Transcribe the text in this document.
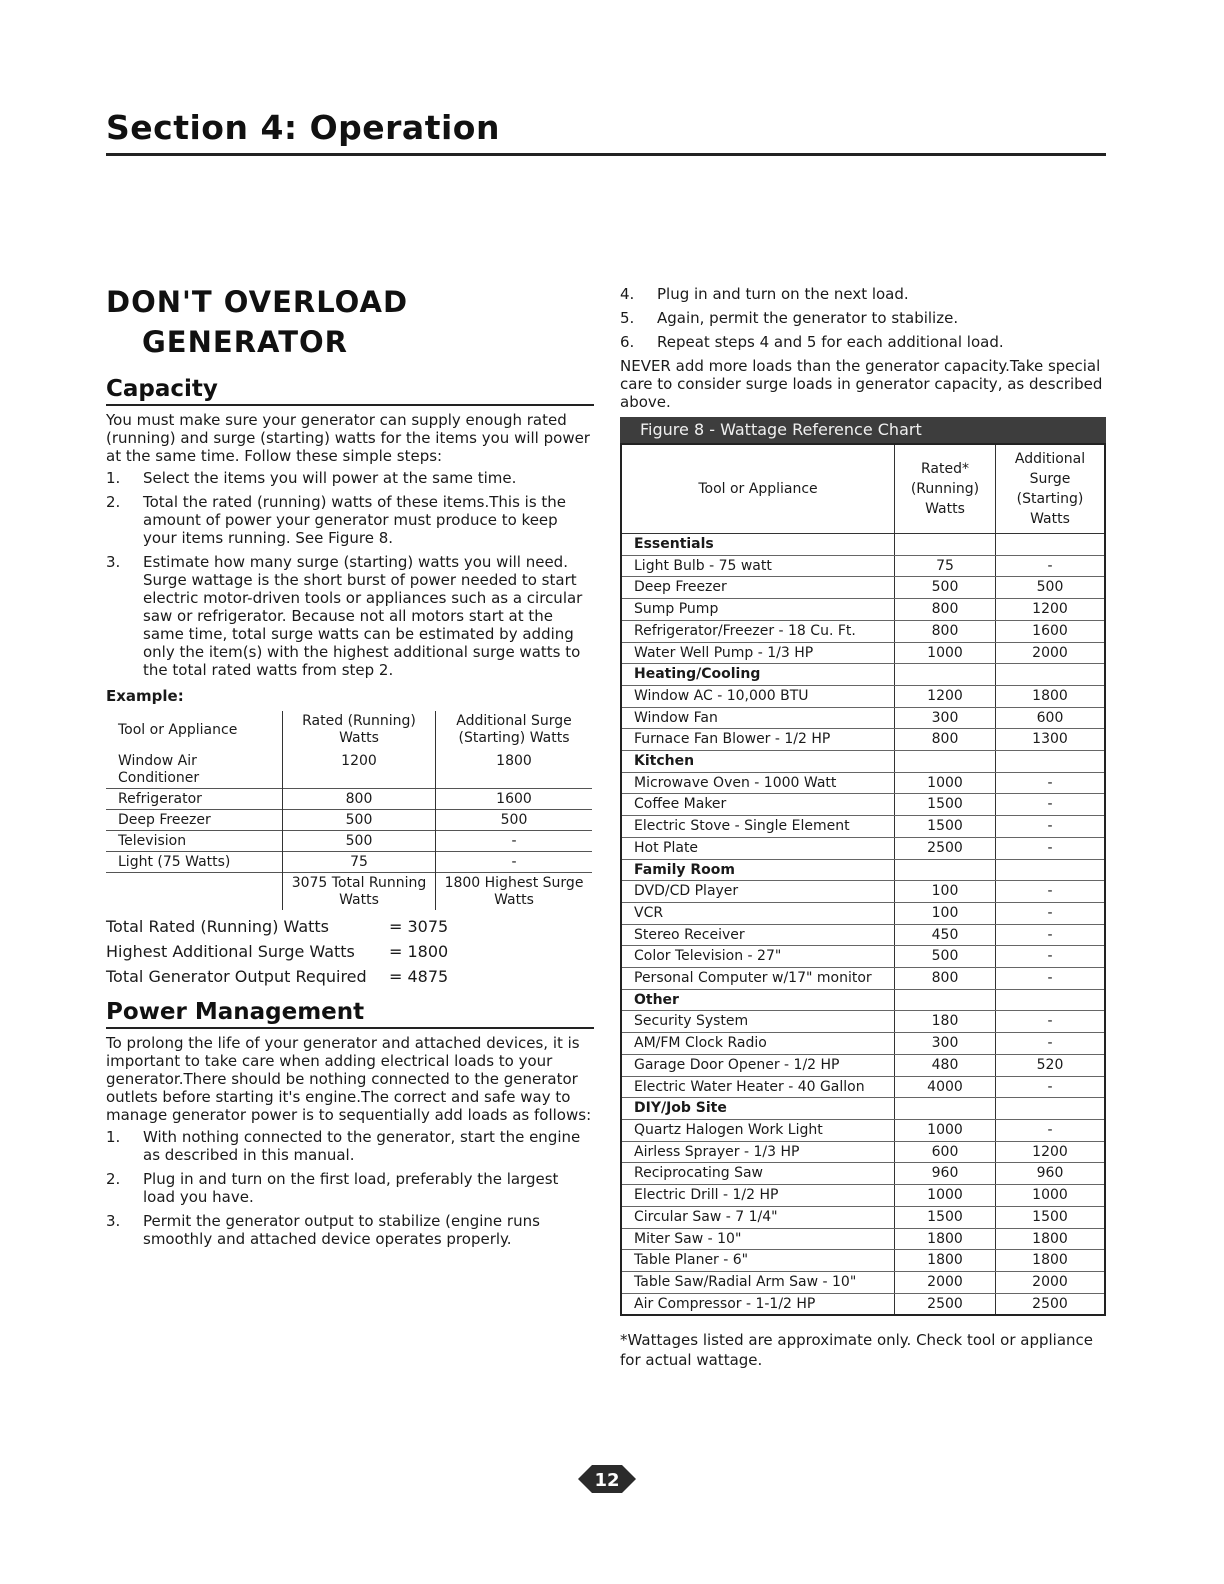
Section 4: Operation
DON'T OVERLOAD
GENERATOR
Capacity

You must make sure your generator can supply enough rated (running) and surge (starting) watts for the items you will power at the same time. Follow these simple steps:

1. Select the items you will power at the same time.
2. Total the rated (running) watts of these items.This is the amount of power your generator must produce to keep your items running. See Figure 8.
3. Estimate how many surge (starting) watts you will need. Surge wattage is the short burst of power needed to start electric motor-driven tools or appliances such as a circular saw or refrigerator. Because not all motors start at the same time, total surge watts can be estimated by adding only the item(s) with the highest additional surge watts to the total rated watts from step 2.
Example:
Tool or Appliance	Rated (Running) Watts	Additional Surge (Starting) Watts
Window Air Conditioner	1200	1800
Refrigerator	800	1600
Deep Freezer	500	500
Television	500	-
Light (75 Watts)	75	-
	3075 Total Running Watts	1800 Highest Surge Watts
Total Rated (Running) Watts	= 3075
Highest Additional Surge Watts	= 1800
Total Generator Output Required	= 4875
Power Management

To prolong the life of your generator and attached devices, it is important to take care when adding electrical loads to your generator.There should be nothing connected to the generator outlets before starting it's engine.The correct and safe way to manage generator power is to sequentially add loads as follows:

1. With nothing connected to the generator, start the engine as described in this manual.
2. Plug in and turn on the first load, preferably the largest load you have.
3. Permit the generator output to stabilize (engine runs smoothly and attached device operates properly.
4. Plug in and turn on the next load.
5. Again, permit the generator to stabilize.
6. Repeat steps 4 and 5 for each additional load.

NEVER add more loads than the generator capacity.Take special care to consider surge loads in generator capacity, as described above.

Figure 8 - Wattage Reference Chart
Tool or Appliance	Rated* (Running) Watts	Additional Surge (Starting) Watts
Essentials		
Light Bulb - 75 watt	75	-
Deep Freezer	500	500
Sump Pump	800	1200
Refrigerator/Freezer - 18 Cu. Ft.	800	1600
Water Well Pump - 1/3 HP	1000	2000
Heating/Cooling		
Window AC - 10,000 BTU	1200	1800
Window Fan	300	600
Furnace Fan Blower - 1/2 HP	800	1300
Kitchen		
Microwave Oven - 1000 Watt	1000	-
Coffee Maker	1500	-
Electric Stove - Single Element	1500	-
Hot Plate	2500	-
Family Room		
DVD/CD Player	100	-
VCR	100	-
Stereo Receiver	450	-
Color Television - 27"	500	-
Personal Computer w/17" monitor	800	-
Other		
Security System	180	-
AM/FM Clock Radio	300	-
Garage Door Opener - 1/2 HP	480	520
Electric Water Heater - 40 Gallon	4000	-
DIY/Job Site		
Quartz Halogen Work Light	1000	-
Airless Sprayer - 1/3 HP	600	1200
Reciprocating Saw	960	960
Electric Drill - 1/2 HP	1000	1000
Circular Saw - 7 1/4"	1500	1500
Miter Saw - 10"	1800	1800
Table Planer - 6"	1800	1800
Table Saw/Radial Arm Saw - 10"	2000	2000
Air Compressor - 1-1/2 HP	2500	2500

*Wattages listed are approximate only. Check tool or appliance for actual wattage.

12
